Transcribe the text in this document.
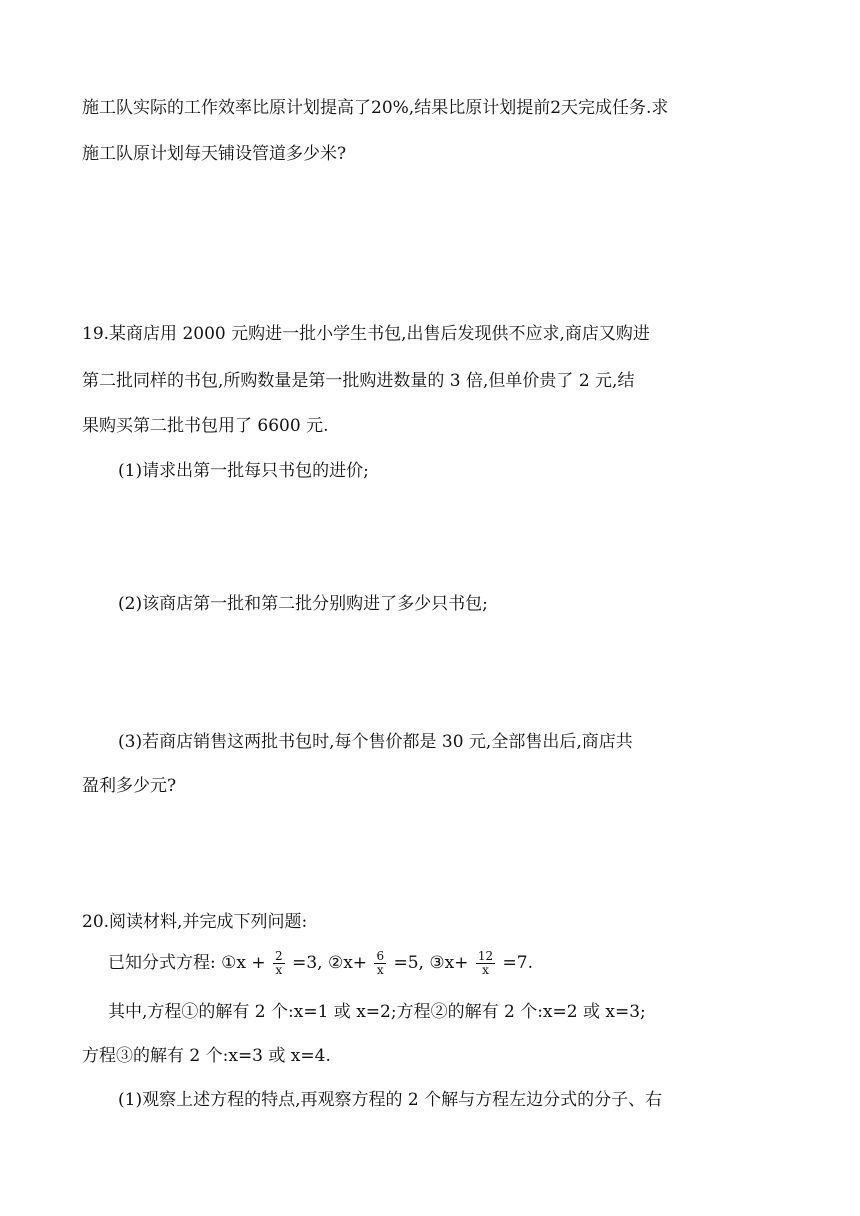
施工队实际的工作效率比原计划提高了20%,结果比原计划提前2天完成任务.求
施工队原计划每天铺设管道多少米?
19.某商店用 2000 元购进一批小学生书包,出售后发现供不应求,商店又购进
第二批同样的书包,所购数量是第一批购进数量的 3 倍,但单价贵了 2 元,结
果购买第二批书包用了 6600 元.
(1)请求出第一批每只书包的进价;
(2)该商店第一批和第二批分别购进了多少只书包;
(3)若商店销售这两批书包时,每个售价都是 30 元,全部售出后,商店共
盈利多少元?
20.阅读材料,并完成下列问题:
已知分式方程: ①x + $\frac{2}{x} =3$, ②x+ $\frac{6}{x} =5$, ③x+ $\frac{12}{x} =7$.
其中,方程①的解有 2 个:x=1 或 x=2;方程②的解有 2 个:x=2 或 x=3;
方程③的解有 2 个:x=3 或 x=4.
(1)观察上述方程的特点,再观察方程的 2 个解与方程左边分式的分子、右
